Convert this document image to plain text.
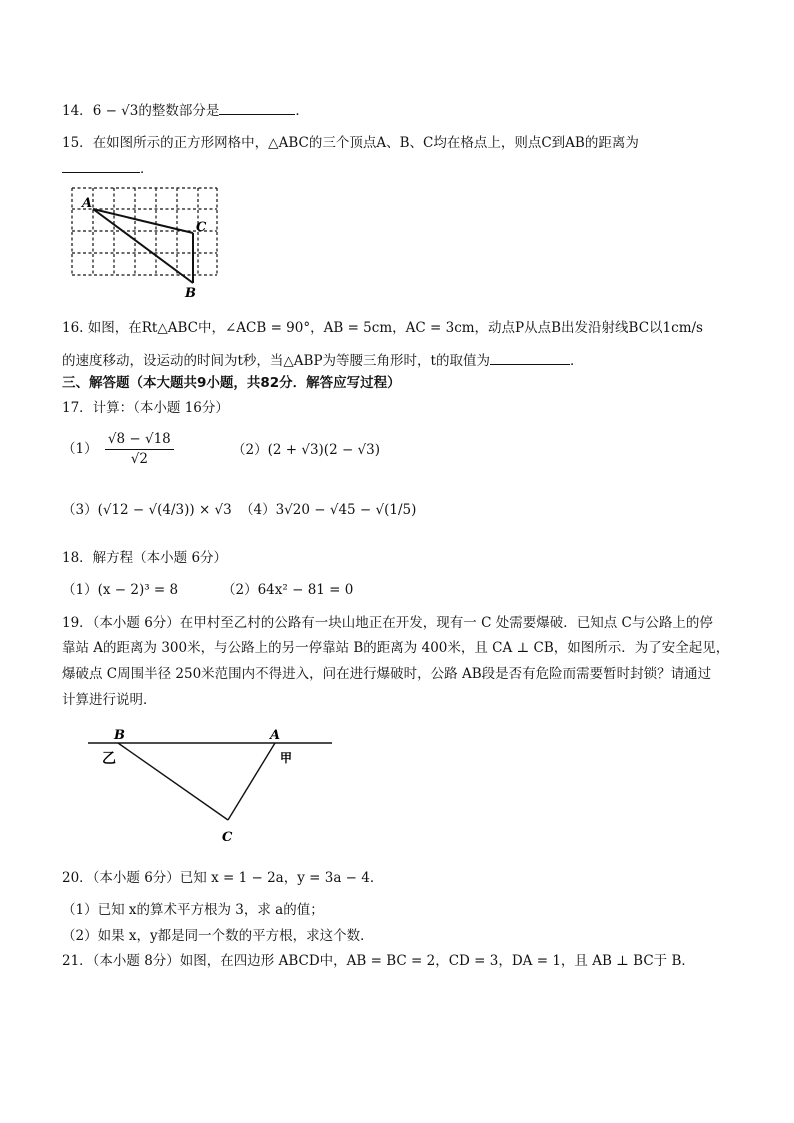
14．6 − √3的整数部分是	．
15．在如图所示的正方形网格中，△ABC的三个顶点A、B、C均在格点上，则点C到AB的距离为
．
A
C
B
16. 如图，在Rt△ABC中，∠ACB = 90°，AB = 5cm，AC = 3cm，动点P从点B出发沿射线BC以1cm/s
的速度移动，设运动的时间为t秒，当△ABP为等腰三角形时，t的取值为	．
三、解答题（本大题共9小题，共82分．解答应写过程）
17．计算：（本小题 16分）
$(1) \frac{√8 - √18}{√2}$	（2）(2 + √3)(2 − √3)
（3）(√12 − √(4/3)) × √3 （4）3√20 − √45 − √(1/5)
18．解方程（本小题 6分）
（1）(x − 2)³ = 8	（2）64x² − 81 = 0
19．（本小题 6分）在甲村至乙村的公路有一块山地正在开发，现有一 C 处需要爆破．已知点 C与公路上的停
靠站 A的距离为 300米，与公路上的另一停靠站 B的距离为 400米，且 CA ⊥ CB，如图所示．为了安全起见，
爆破点 C周围半径 250米范围内不得进入，问在进行爆破时，公路 AB段是否有危险而需要暂时封锁？请通过
计算进行说明．
B	A
乙	甲
C
20．（本小题 6分）已知 x = 1 − 2a，y = 3a − 4．
（1）已知 x的算术平方根为 3，求 a的值；
（2）如果 x，y都是同一个数的平方根，求这个数．
21．（本小题 8分）如图，在四边形 ABCD中，AB = BC = 2，CD = 3，DA = 1，且 AB ⊥ BC于 B．
